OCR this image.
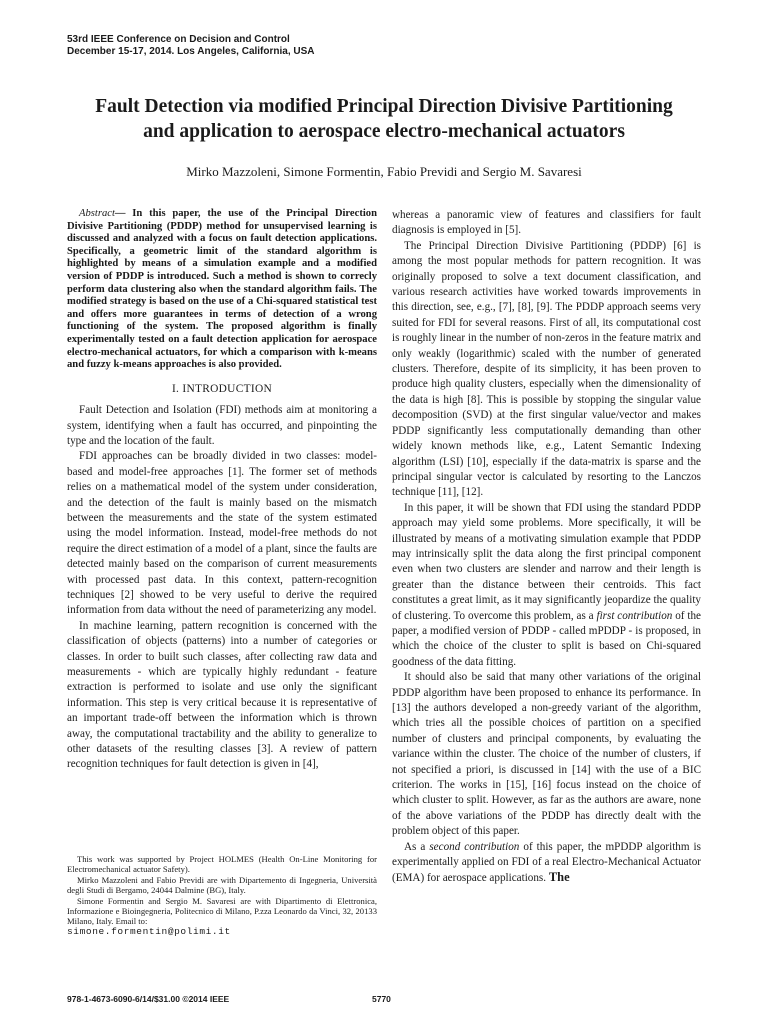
53rd IEEE Conference on Decision and Control
December 15-17, 2014. Los Angeles, California, USA
Fault Detection via modified Principal Direction Divisive Partitioning
and application to aerospace electro-mechanical actuators
Mirko Mazzoleni, Simone Formentin, Fabio Previdi and Sergio M. Savaresi

Abstract— In this paper, the use of the Principal Direction Divisive Partitioning (PDDP) method for unsupervised learning is discussed and analyzed with a focus on fault detection applications. Specifically, a geometric limit of the standard algorithm is highlighted by means of a simulation example and a modified version of PDDP is introduced. Such a method is shown to correcly perform data clustering also when the standard algorithm fails. The modified strategy is based on the use of a Chi-squared statistical test and offers more guarantees in terms of detection of a wrong functioning of the system. The proposed algorithm is finally experimentally tested on a fault detection application for aerospace electro-mechanical actuators, for which a comparison with k-means and fuzzy k-means approaches is also provided.

I. INTRODUCTION

Fault Detection and Isolation (FDI) methods aim at monitoring a system, identifying when a fault has occurred, and pinpointing the type and the location of the fault.

FDI approaches can be broadly divided in two classes: model-based and model-free approaches [1]. The former set of methods relies on a mathematical model of the system under consideration, and the detection of the fault is mainly based on the mismatch between the measurements and the state of the system estimated using the model information. Instead, model-free methods do not require the direct estimation of a model of a plant, since the faults are detected mainly based on the comparison of current measurements with processed past data. In this context, pattern-recognition techniques [2] showed to be very useful to derive the required information from data without the need of parameterizing any model.

In machine learning, pattern recognition is concerned with the classification of objects (patterns) into a number of categories or classes. In order to built such classes, after collecting raw data and measurements - which are typically highly redundant - feature extraction is performed to isolate and use only the significant information. This step is very critical because it is representative of an important trade-off between the information which is thrown away, the computational tractability and the ability to generalize to other datasets of the resulting classes [3]. A review of pattern recognition techniques for fault detection is given in [4],

This work was supported by Project HOLMES (Health On-Line Monitoring for Electromechanical actuator Safety).

Mirko Mazzoleni and Fabio Previdi are with Dipartemento di Ingegneria, Università degli Studi di Bergamo, 24044 Dalmine (BG), Italy.

Simone Formentin and Sergio M. Savaresi are with Dipartimento di Elettronica, Informazione e Bioingegneria, Politecnico di Milano, P.zza Leonardo da Vinci, 32, 20133 Milano, Italy. Email to:

simone.formentin@polimi.it

whereas a panoramic view of features and classifiers for fault diagnosis is employed in [5].

The Principal Direction Divisive Partitioning (PDDP) [6] is among the most popular methods for pattern recognition. It was originally proposed to solve a text document classification, and various research activities have worked towards improvements in this direction, see, e.g., [7], [8], [9]. The PDDP approach seems very suited for FDI for several reasons. First of all, its computational cost is roughly linear in the number of non-zeros in the feature matrix and only weakly (logarithmic) scaled with the number of generated clusters. Therefore, despite of its simplicity, it has been proven to produce high quality clusters, especially when the dimensionality of the data is high [8]. This is possible by stopping the singular value decomposition (SVD) at the first singular value/vector and makes PDDP significantly less computationally demanding than other widely known methods like, e.g., Latent Semantic Indexing algorithm (LSI) [10], especially if the data-matrix is sparse and the principal singular vector is calculated by resorting to the Lanczos technique [11], [12].

In this paper, it will be shown that FDI using the standard PDDP approach may yield some problems. More specifically, it will be illustrated by means of a motivating simulation example that PDDP may intrinsically split the data along the first principal component even when two clusters are slender and narrow and their length is greater than the distance between their centroids. This fact constitutes a great limit, as it may significantly jeopardize the quality of clustering. To overcome this problem, as a first contribution of the paper, a modified version of PDDP - called mPDDP - is proposed, in which the choice of the cluster to split is based on Chi-squared goodness of the data fitting.

It should also be said that many other variations of the original PDDP algorithm have been proposed to enhance its performance. In [13] the authors developed a non-greedy variant of the algorithm, which tries all the possible choices of partition on a specified number of clusters and principal components, by evaluating the variance within the cluster. The choice of the number of clusters, if not specified a priori, is discussed in [14] with the use of a BIC criterion. The works in [15], [16] focus instead on the choice of which cluster to split. However, as far as the authors are aware, none of the above variations of the PDDP has directly dealt with the problem object of this paper.

As a second contribution of this paper, the mPDDP algorithm is experimentally applied on FDI of a real Electro-Mechanical Actuator (EMA) for aerospace applications. The

978-1-4673-6090-6/14/$31.00 ©2014 IEEE	5770
